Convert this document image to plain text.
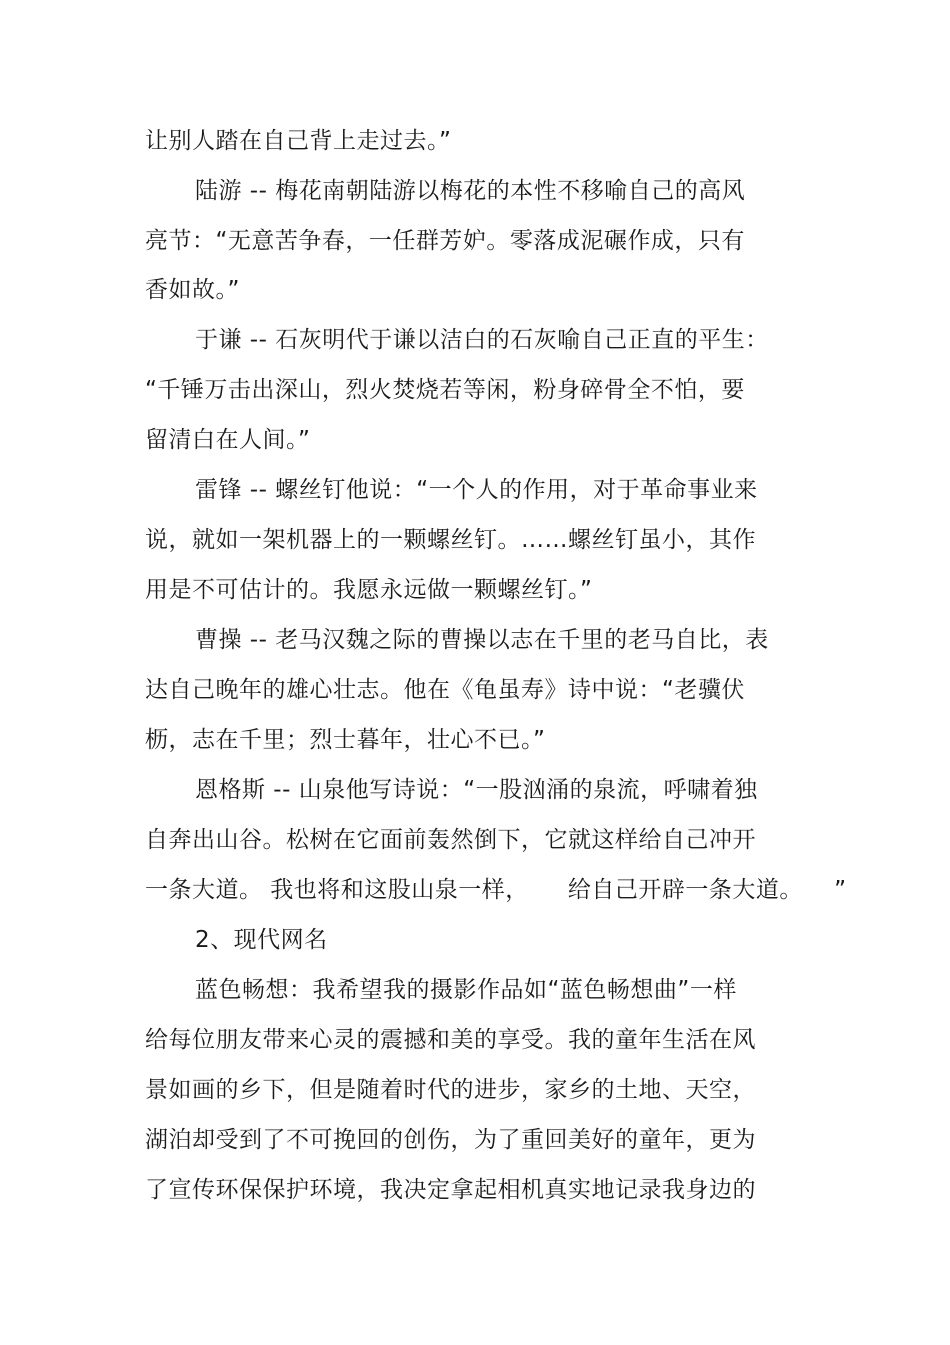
让别人踏在自己背上走过去。”
陆游 -- 梅花南朝陆游以梅花的本性不移喻自己的高风
亮节：“无意苦争春，一任群芳妒。零落成泥碾作成，只有
香如故。”
于谦 -- 石灰明代于谦以洁白的石灰喻自己正直的平生：
“千锤万击出深山，烈火焚烧若等闲，粉身碎骨全不怕，要
留清白在人间。”
雷锋 -- 螺丝钉他说：“一个人的作用，对于革命事业来
说，就如一架机器上的一颗螺丝钉。……螺丝钉虽小，其作
用是不可估计的。我愿永远做一颗螺丝钉。”
曹操 -- 老马汉魏之际的曹操以志在千里的老马自比，表
达自己晚年的雄心壮志。他在《龟虽寿》诗中说：“老骥伏
枥，志在千里；烈士暮年，壮心不已。”
恩格斯 -- 山泉他写诗说：“一股汹涌的泉流，呼啸着独
自奔出山谷。松树在它面前轰然倒下，它就这样给自己冲开
一条大道。 我也将和这股山泉一样，     给自己开辟一条大道。    ”
2、现代网名
蓝色畅想：我希望我的摄影作品如“蓝色畅想曲”一样
给每位朋友带来心灵的震撼和美的享受。我的童年生活在风
景如画的乡下，但是随着时代的进步，家乡的土地、天空，
湖泊却受到了不可挽回的创伤，为了重回美好的童年，更为
了宣传环保保护环境，我决定拿起相机真实地记录我身边的
